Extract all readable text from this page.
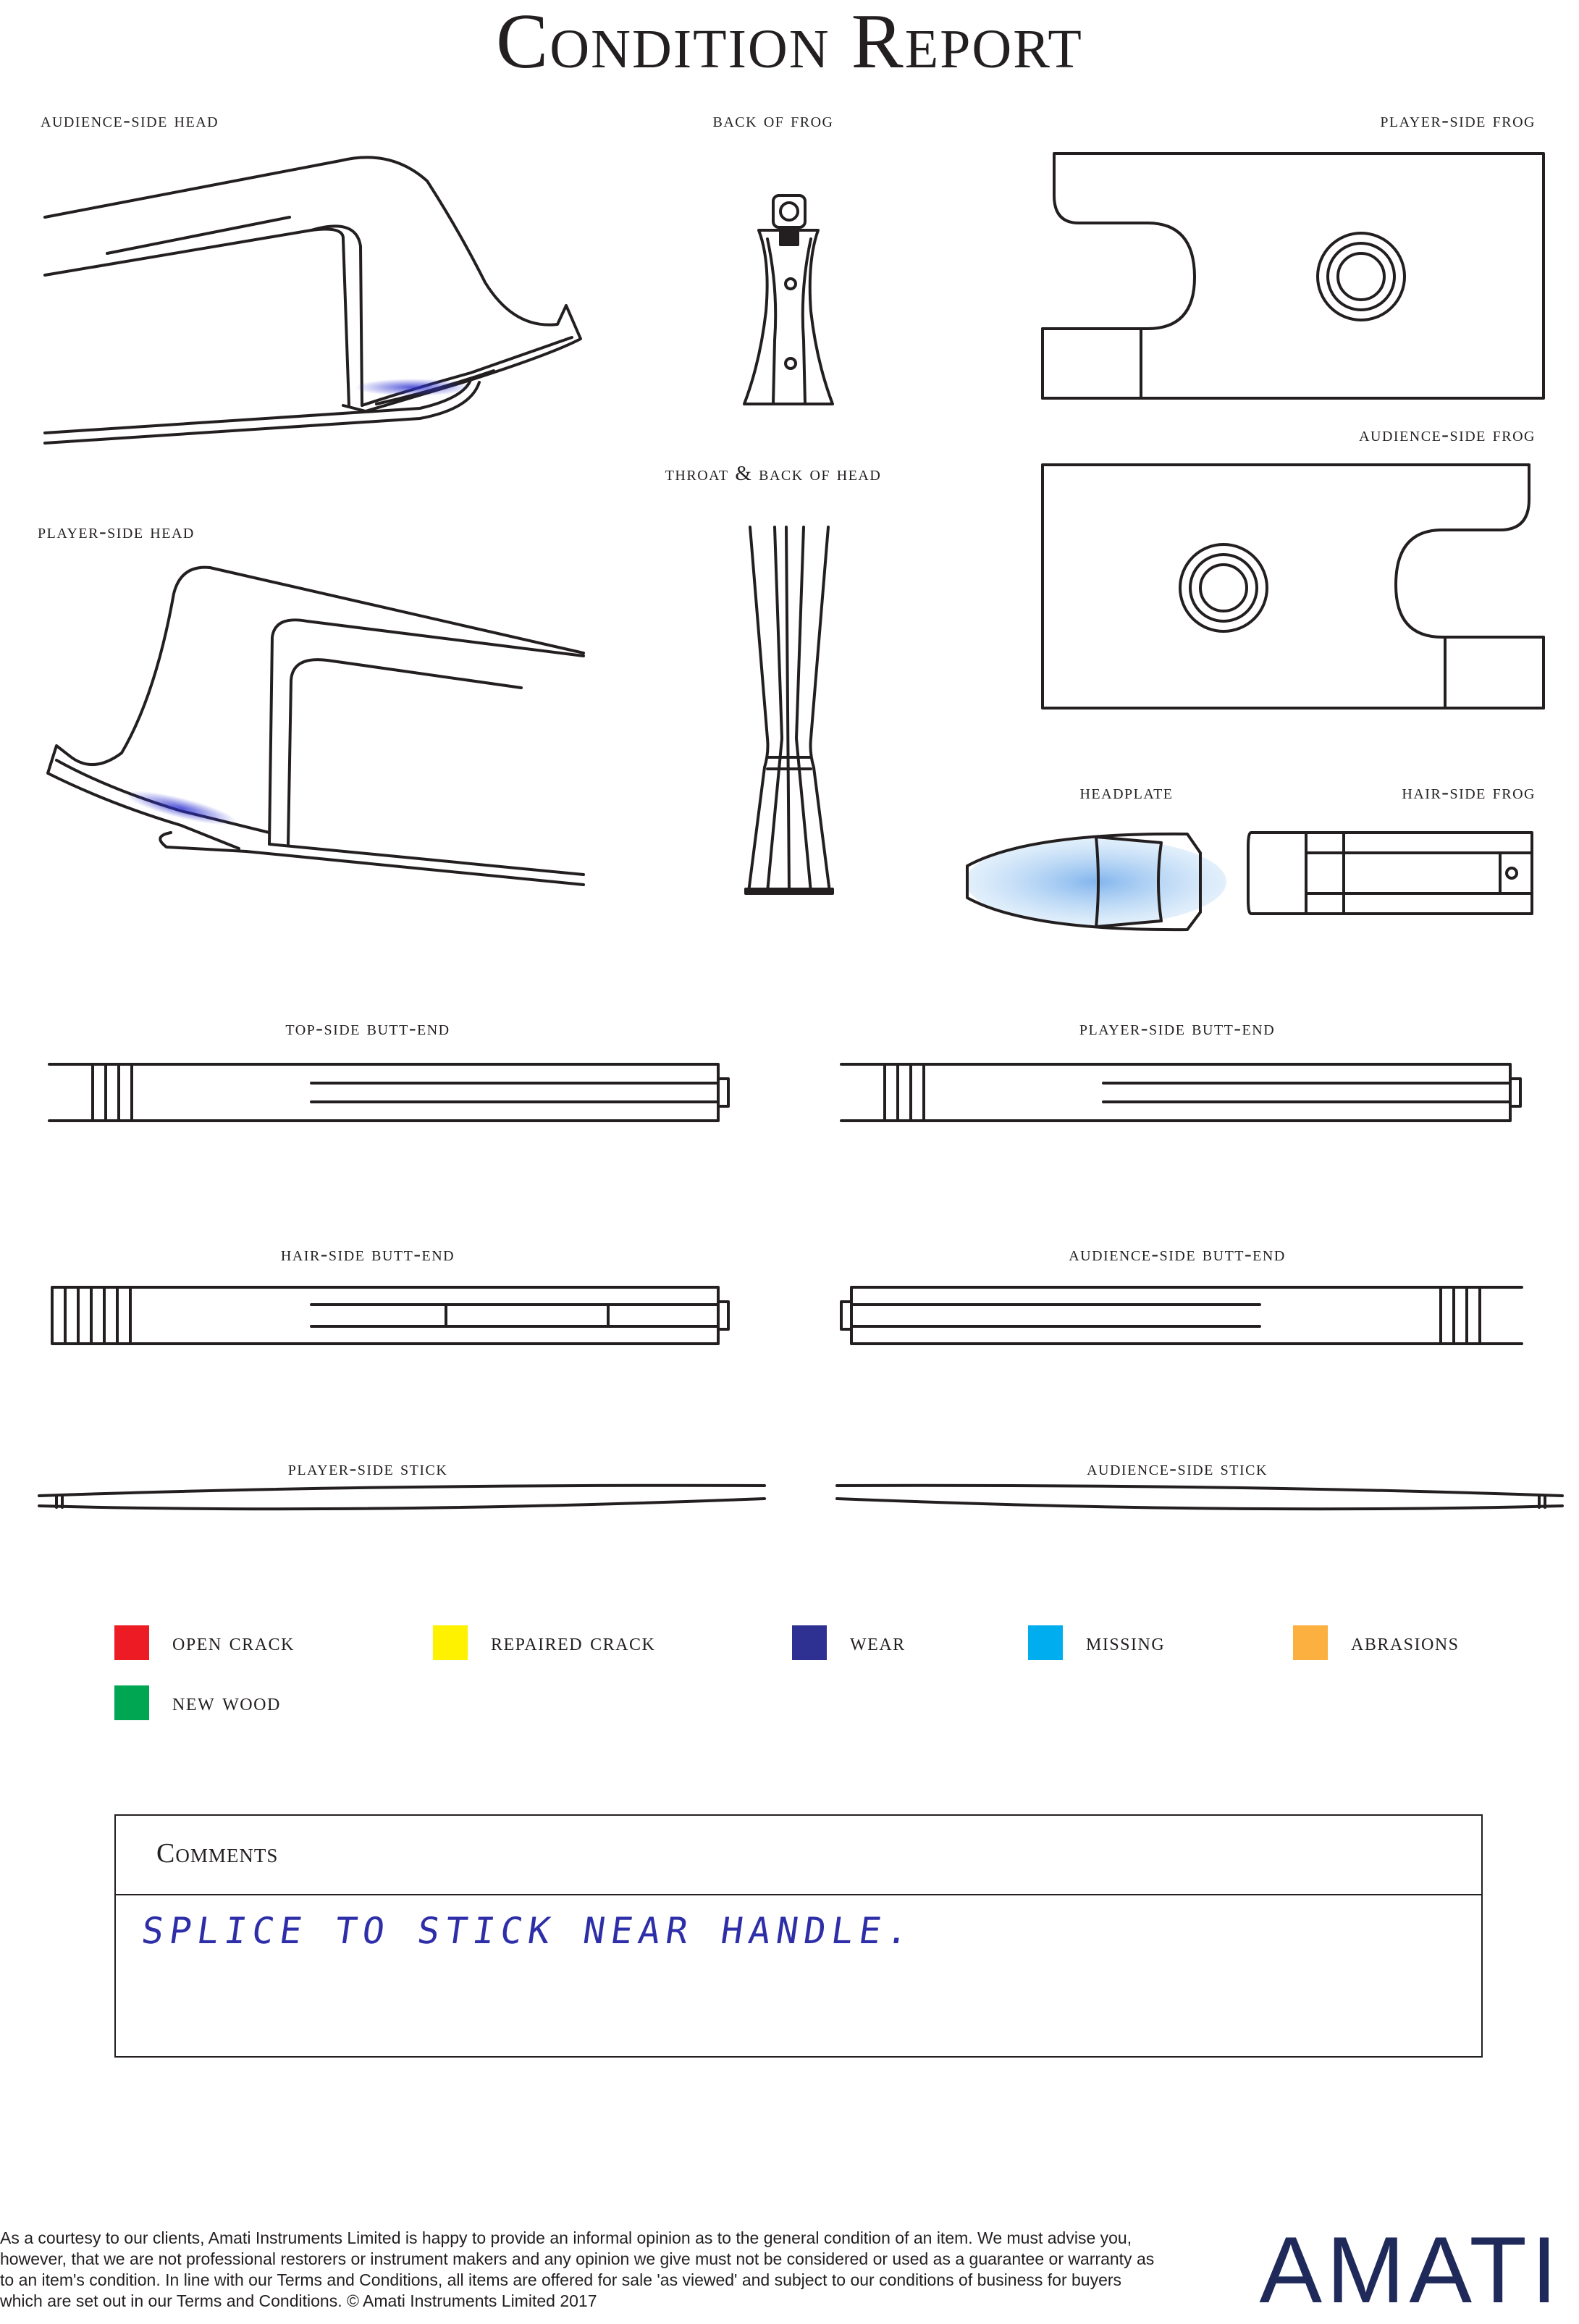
Condition Report
audience-side head	back of frog	player-side frog
throat & back of head
audience-side frog
player-side head
headplate	hair-side frog
top-side butt-end	player-side butt-end
hair-side butt-end	audience-side butt-end
player-side stick	audience-side stick
open crack	repaired crack	wear	missing	abrasions
new wood
Comments
SPLICE TO STICK NEAR HANDLE.
As a courtesy to our clients, Amati Instruments Limited is happy to provide an informal opinion as to the general condition of an item. We must advise you, however, that we are not professional restorers or instrument makers and any opinion we give must not be considered or used as a guarantee or warranty as to an item's condition. In line with our Terms and Conditions, all items are offered for sale 'as viewed' and subject to our conditions of business for buyers which are set out in our Terms and Conditions. © Amati Instruments Limited 2017	AMATI
